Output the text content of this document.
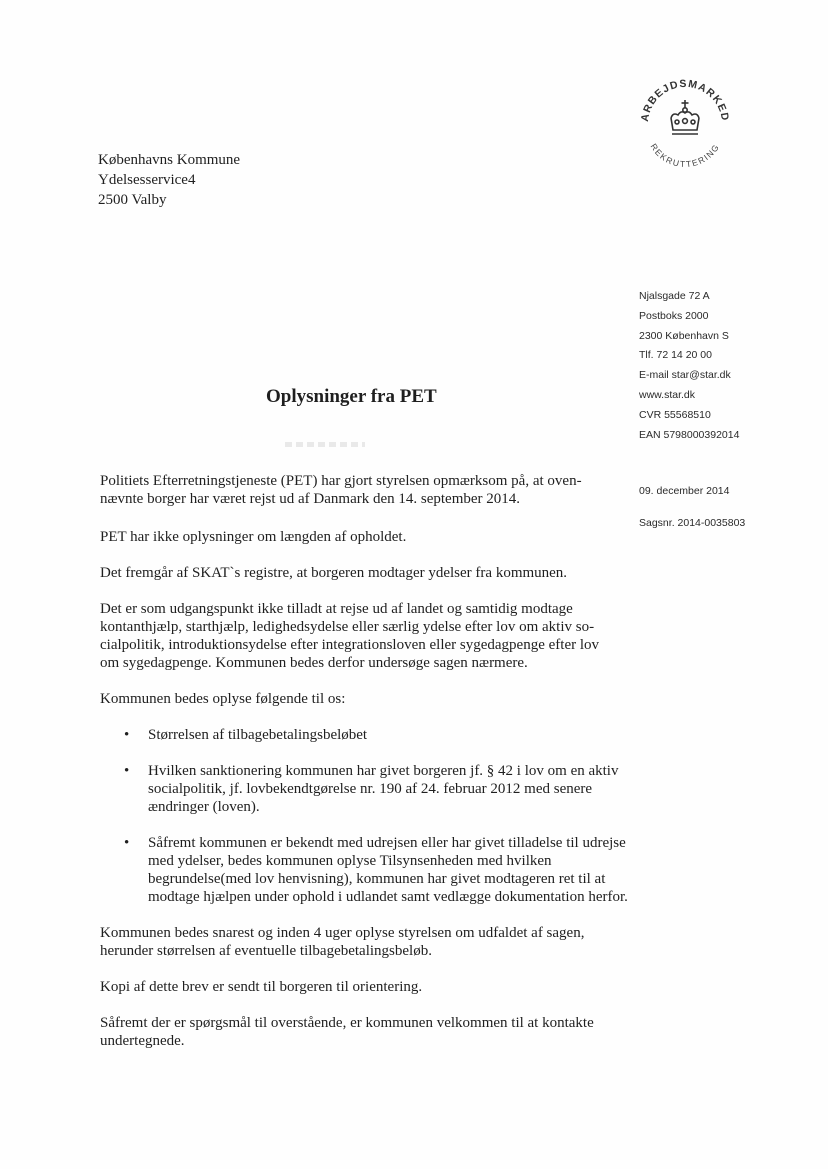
ARBEJDSMARKED
REKRUTTERING
Københavns Kommune
Ydelsesservice4
2500 Valby
Njalsgade 72 A
Postboks 2000
2300 København S
Tlf. 72 14 20 00
E-mail star@star.dk
www.star.dk
CVR 55568510
EAN 5798000392014
09. december 2014
Sagsnr. 2014-0035803
Oplysninger fra PET

Politiets Efterretningstjeneste (PET) har gjort styrelsen opmærksom på, at oven-nævnte borger har været rejst ud af Danmark den 14. september 2014.

PET har ikke oplysninger om længden af opholdet.

Det fremgår af SKAT`s registre, at borgeren modtager ydelser fra kommunen.

Det er som udgangspunkt ikke tilladt at rejse ud af landet og samtidig modtage kontanthjælp, starthjælp, ledighedsydelse eller særlig ydelse efter lov om aktiv so-cialpolitik, introduktionsydelse efter integrationsloven eller sygedagpenge efter lov om sygedagpenge. Kommunen bedes derfor undersøge sagen nærmere.

Kommunen bedes oplyse følgende til os:

• Størrelsen af tilbagebetalingsbeløbet
• Hvilken sanktionering kommunen har givet borgeren jf. § 42 i lov om en aktiv socialpolitik, jf. lovbekendtgørelse nr. 190 af 24. februar 2012 med senere ændringer (loven).
• Såfremt kommunen er bekendt med udrejsen eller har givet tilladelse til udrejse med ydelser, bedes kommunen oplyse Tilsynsenheden med hvilken begrundelse(med lov henvisning), kommunen har givet modtageren ret til at modtage hjælpen under ophold i udlandet samt vedlægge dokumentation herfor.

Kommunen bedes snarest og inden 4 uger oplyse styrelsen om udfaldet af sagen, herunder størrelsen af eventuelle tilbagebetalingsbeløb.

Kopi af dette brev er sendt til borgeren til orientering.

Såfremt der er spørgsmål til overstående, er kommunen velkommen til at kontakte undertegnede.
